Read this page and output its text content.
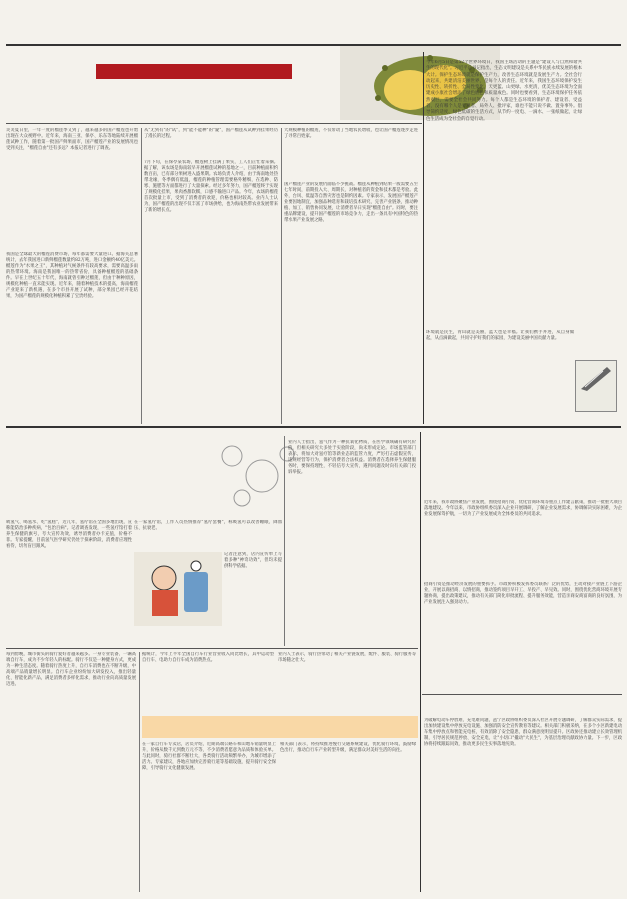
炎炎夏日里，一年一度的榴莲季又到了，越来越多的国产榴莲也开始出现在大众视野中。近年来，海南三亚、保亭、乐东等地陆续开展榴莲试种工作，随着第一批国产鲜果面市，国产榴莲产业的发展情况也受到关注，"榴莲自由"还有多远？本报记者进行了调查。
我国是全球最大的榴莲消费市场，每年都需要大量进口。据海关总署统计，去年我国进口新鲜榴莲数量约82万吨，进口金额约40亿美元。榴莲作为"水果之王"，其种植对气候条件有较高要求，需要高温多雨的热带环境。海南是我国唯一的热带省份，具备种植榴莲的基础条件。早在上世纪五十年代，海南就曾引种过榴莲，但由于种种原因，规模化种植一直未能实现。近年来，随着种植技术的提高，海南榴莲产业迎来了新机遇，在多个市县开展了试种，部分果园已经开花结果，为国产榴莲的规模化种植积累了宝贵经验。
从"无到有"的"试"，到"能不能种"的"疑"，国产榴莲从试种到挂果经历了漫长的过程。
7月下旬，在保亭某农场，榴莲树上挂满了果实，工人们正忙着采摘。据了解，该农场是海南较早开展榴莲试种的基地之一，目前种植面积约数百亩，已有部分果树进入盛果期。农场负责人介绍，由于海南地处热带北缘，冬季偶有低温，榴莲的种植管理需要格外精细，在选种、防寒、施肥等方面都进行了大量探索。经过多年努力，国产榴莲终于实现了规模化挂果，果肉香甜软糯，口感不输进口产品。今年，农场的榴莲首次批量上市，受到了消费者的欢迎，价格也相对较高。业内人士认为，国产榴莲的出现不仅丰富了市场供给，也为海南热带农业发展带来了新的增长点。
大规模种植的榴莲，不仅带动了当地农民增收，也让国产榴莲逐步走进了寻常百姓家。
国产榴莲产业的发展仍面临不少挑战。榴莲从种植到结果一般需要五至七年时间，前期投入大、周期长，对种植者的资金和技术都是考验。此外，台风、低温等自然灾害也是制约因素。专家表示，发展国产榴莲产业要因地制宜，加强品种选育和栽培技术研究，完善产业链条，推动种植、加工、销售协同发展，让消费者早日实现"榴莲自由"。同时，要注重品牌建设，提升国产榴莲的市场竞争力，走出一条具有中国特色的热带水果产业发展之路。
今年6月5日是第52个世界环境日，我国主场活动的主题是"建设人与自然和谐共生的现代化"。习近平总书记指出，生态文明建设是关系中华民族永续发展的根本大计。保护生态环境就是保护生产力，改善生态环境就是发展生产力。全社会行动起来，共建清洁美丽世界，是每个人的责任。近年来，我国生态环境保护发生历史性、转折性、全局性变化，天更蓝、山更绿、水更清，优美生态环境为全面建成小康社会增添了绿色底色和质量成色。同时也要看到，生态环境保护任务依然艰巨，需要全社会共同努力。每个人都是生态环境的保护者、建设者、受益者，没有哪个人是旁观者、局外人、批评家，谁也不能只说不做、置身事外。倡导简约适度、绿色低碳的生活方式，从节约一度电、一滴水、一张纸做起，让绿色生活成为全社会的自觉行动。
环境就是民生，青山就是美丽，蓝天也是幸福。让我们携手并进，从自身做起，从点滴做起，共同守护好我们的家园，为建设美丽中国贡献力量。
吸氢气、喝氢水、吃"氢糕"，近几年，氢疗馆在全国多地出现，宣称能防治多种疾病，"包治百病"。记者调查发现，一些氢疗馆打着养生保健的旗号，夸大宣传功效，诱导消费者办卡充值，价格不菲。专家提醒，目前氢气医学研究仍处于探索阶段，消费者应理性看待，切勿盲目跟风。
在一家氢疗馆，工作人员热情推荐"氢疗套餐"，称吸氢可以改善睡眠、降血压、抗衰老。
记者注意到，店内宣传单上写着多种"神奇功效"，但均未提供科学依据。
业内人士指出，氢气作为一种抗氧化物质，在医学领域确有研究价值，但相关研究大多处于实验阶段，尚未形成定论。市场监管部门表示，将加大对氢疗馆等新业态的监管力度，严厉打击虚假宣传、违规经营等行为，保护消费者合法权益。消费者在选择养生保健服务时，要保持理性，不轻信夸大宣传，遇到问题及时向有关部门投诉举报。
近年来，我市政协聚焦产业发展，围绕招商引资、优化营商环境等重点工作建言献策，推动一批重大项目落地建设。今年以来，市政协组织委员深入企业开展调研，了解企业发展需求，协调解决实际困难，为企业发展保驾护航，一切为了产业发展成为全体委员的共同追求。
招商引资是推动经济发展的重要抓手。市政协积极发挥委员联系广泛的优势，主动对接产业链上下游企业，开展以商招商、以情招商，推动签约项目早开工、早投产、早见效。同时，围绕优化营商环境开展专题协商，提出政策建议，推动有关部门简化审批流程、提升服务效能，营造亲商安商富商的良好氛围，为产业发展注入强劲动力。
每到傍晚，城市街头的骑行爱好者越来越多。一身专业装备、一辆高端自行车，成为不少年轻人的标配。骑行不仅是一种健身方式，更成为一种生活态度。随着骑行热度上升，自行车消费也在不断升级，中高端产品销量增长明显。自行车企业纷纷加大研发投入，推出轻量化、智能化新产品，满足消费者多样化需求，推动行业向高质量发展迈进。
据统计，今年上半年全国自行车行业营业收入同比增长，其中运动型自行车、电助力自行车成为消费热点。
业内人士表示，骑行热带动了相关产业链发展，配件、服装、骑行服务等市场随之壮大。
在一家自行车专卖店，店员介绍，近期高端公路车和山地车销量明显上升，价格从数千元到数万元不等，不少消费者愿意为品质和体验买单。与此同时，骑行社群不断壮大，各类骑行活动频繁举办，为城市增添了活力。专家建议，各地应加快完善骑行道等基础设施，提升骑行安全保障，引导骑行文化健康发展。
相关部门表示，将持续推进慢行交通系统建设，优化骑行环境，鼓励绿色出行，推动自行车产业转型升级，满足群众对美好生活的向往。
为破解电动车停放难、充电难问题，邕宁区政协组织委员深入社区开展专题调研，了解群众实际需求，提出加快建设集中停放充电设施、加强消防安全宣传教育等建议。相关部门积极采纳，在多个小区新建电动车集中停放点和智能充电桩，有效消除了安全隐患，群众满意度明显提升。区政协还推动建立长效管理机制，引导居民规范停放、安全充电，让"小切口"撬动"大民生"，为基层治理贡献政协力量。下一步，区政协将持续跟踪问效，推动更多民生实事落地见效。
